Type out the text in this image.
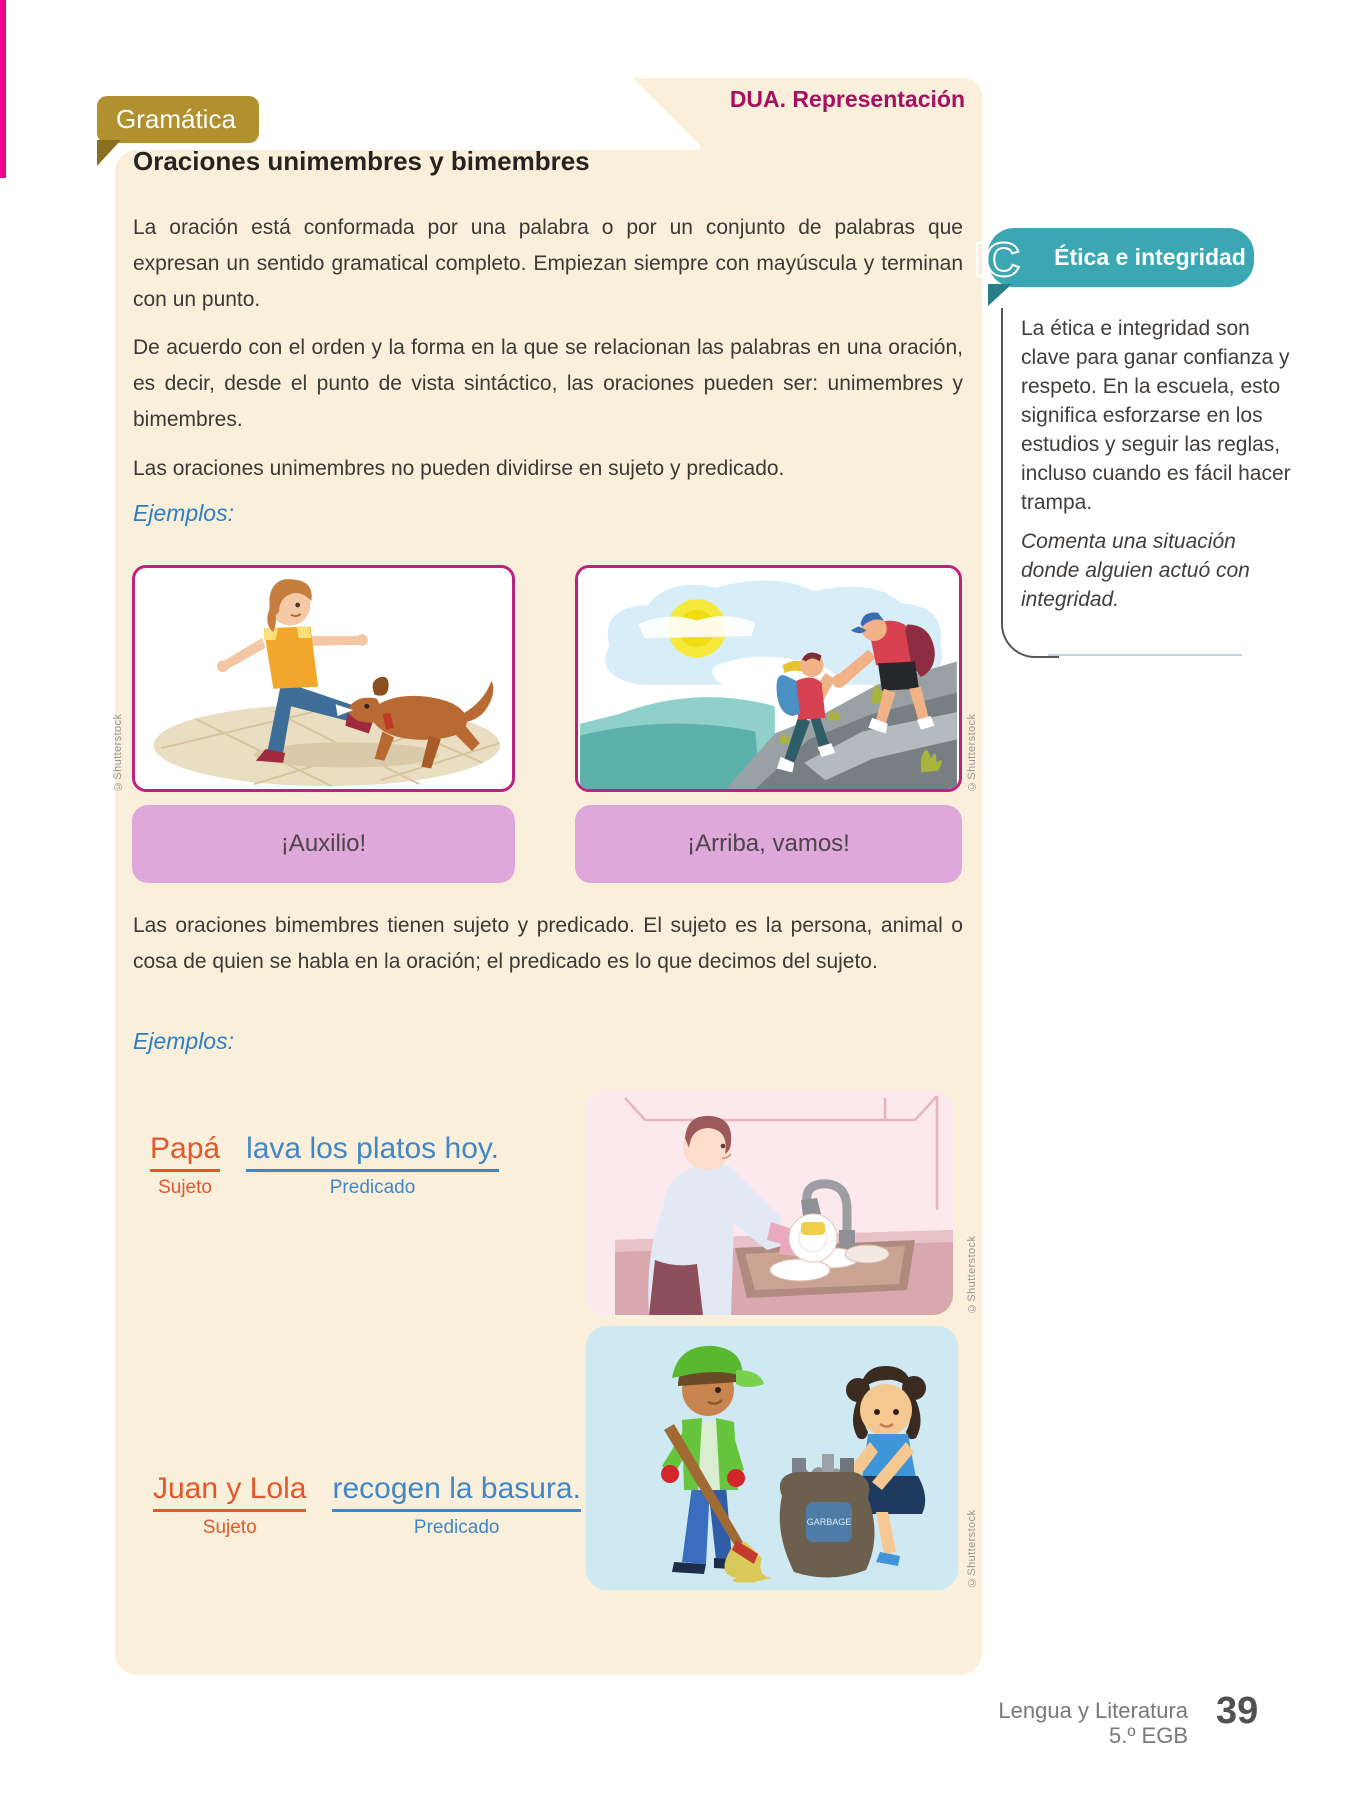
Gramática
DUA. Representación
Oraciones unimembres y bimembres
La oración está conformada por una palabra o por un conjunto de palabras que expresan un sentido gramatical completo. Empiezan siempre con mayúscula y terminan con un punto.
De acuerdo con el orden y la forma en la que se relacionan las palabras en una oración, es decir, desde el punto de vista sintáctico, las oraciones pueden ser: unimembres y bimembres.
Las oraciones unimembres no pueden dividirse en sujeto y predicado.
Ejemplos:
©Shutterstock	©Shutterstock
¡Auxilio!	¡Arriba, vamos!
Las oraciones bimembres tienen sujeto y predicado. El sujeto es la persona, animal o cosa de quien se habla en la oración; el predicado es lo que decimos del sujeto.
Ejemplos:
Papá
Sujeto
lava los platos hoy.
Predicado
©Shutterstock
GARBAGE	©Shutterstock
Juan y Lola
Sujeto
recogen la basura.
Predicado
Ética e integridad
IC

La ética e integridad son clave para ganar confianza y respeto. En la escuela, esto significa esforzarse en los estudios y seguir las reglas, incluso cuando es fácil hacer trampa.

Comenta una situación donde alguien actuó con integridad.

Lengua y Literatura
5.º EGB
39
